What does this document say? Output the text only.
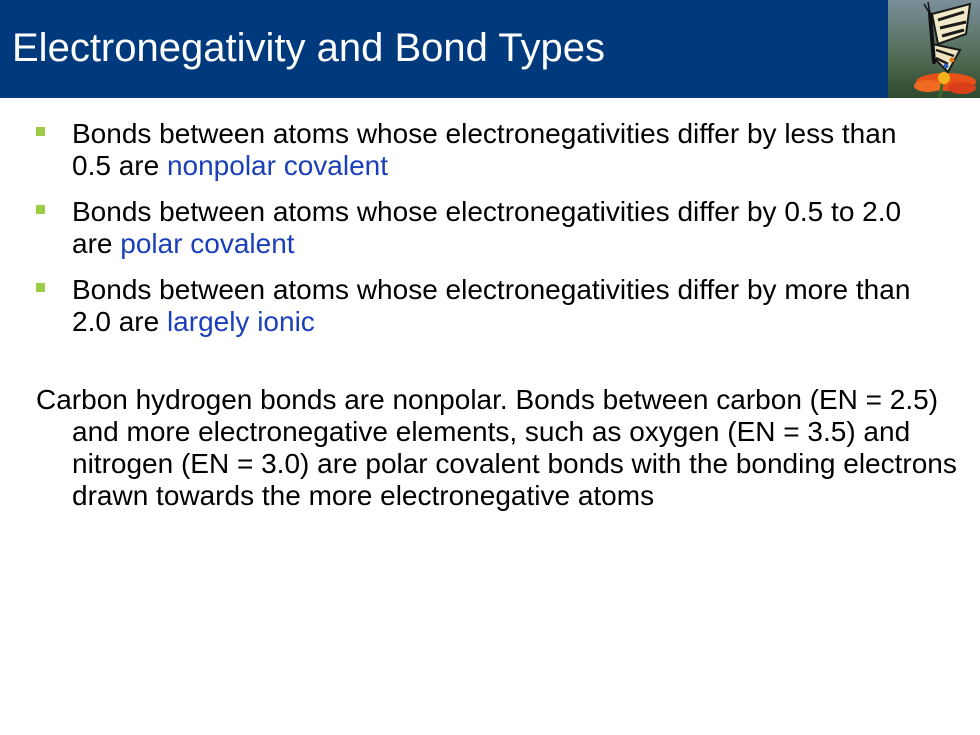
Electronegativity and Bond Types
Bonds between atoms whose electronegativities differ by less than 0.5 are nonpolar covalent
Bonds between atoms whose electronegativities differ by 0.5 to 2.0 are polar covalent
Bonds between atoms whose electronegativities differ by more than 2.0 are largely ionic
Carbon hydrogen bonds are nonpolar. Bonds between carbon (EN = 2.5) and more electronegative elements, such as oxygen (EN = 3.5) and nitrogen (EN = 3.0) are polar covalent bonds with the bonding electrons drawn towards the more electronegative atoms
